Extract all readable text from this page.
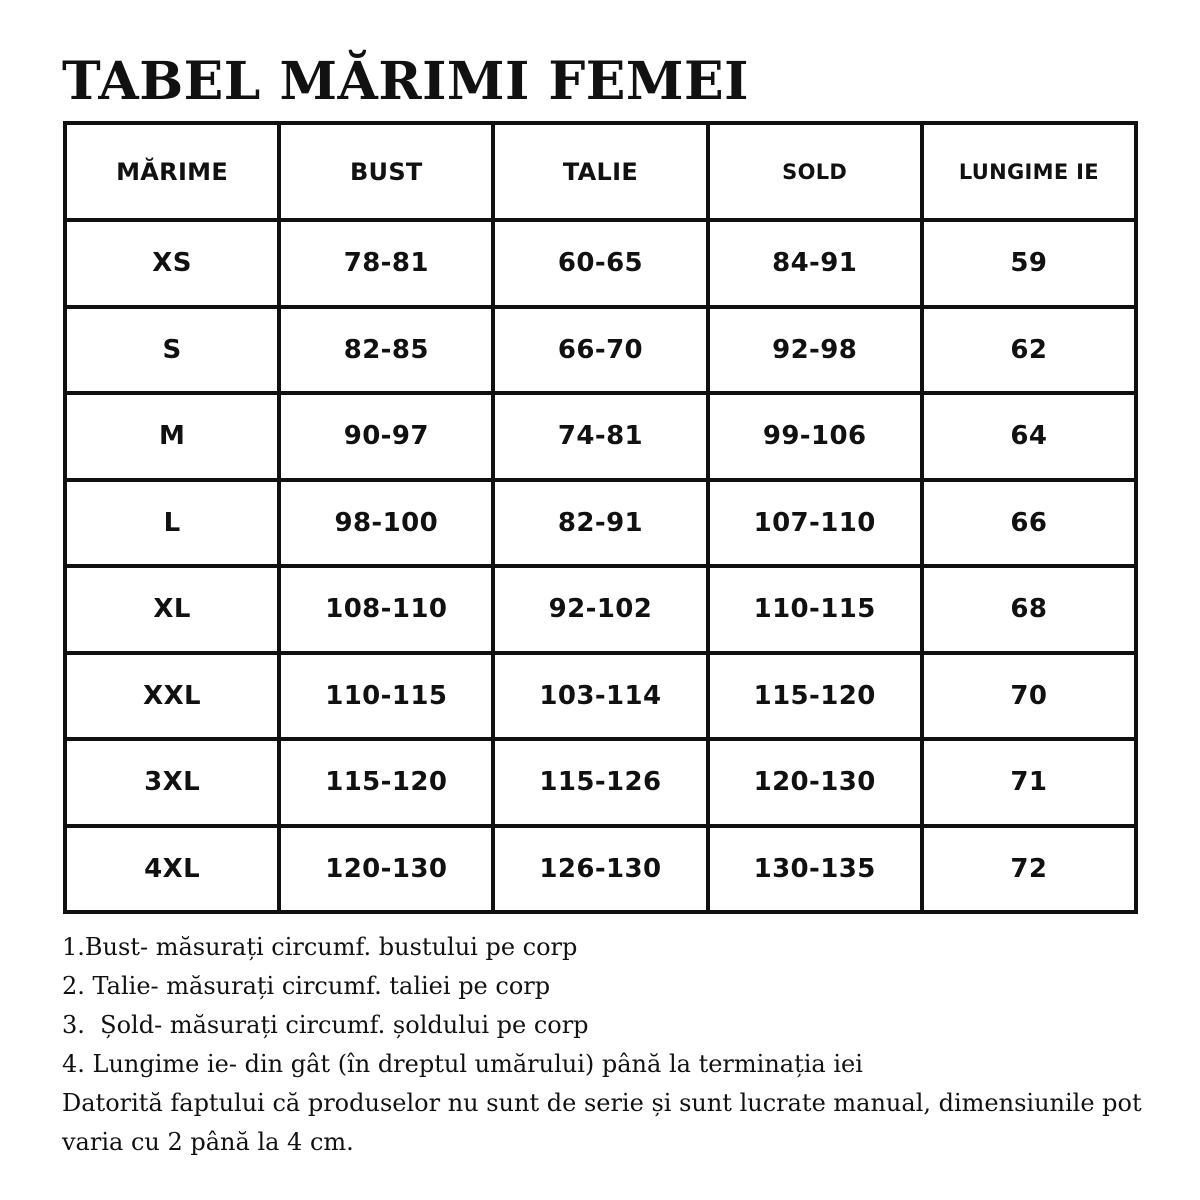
TABEL MĂRIMI FEMEI
MĂRIME	BUST	TALIE	SOLD	LUNGIME IE
XS	78-81	60-65	84-91	59
S	82-85	66-70	92-98	62
M	90-97	74-81	99-106	64
L	98-100	82-91	107-110	66
XL	108-110	92-102	110-115	68
XXL	110-115	103-114	115-120	70
3XL	115-120	115-126	120-130	71
4XL	120-130	126-130	130-135	72
1.Bust- măsurați circumf. bustului pe corp
2. Talie- măsurați circumf. taliei pe corp
3.  Șold- măsurați circumf. șoldului pe corp
4. Lungime ie- din gât (în dreptul umărului) până la terminația iei
Datorită faptului că produselor nu sunt de serie și sunt lucrate manual, dimensiunile pot varia cu 2 până la 4 cm.
